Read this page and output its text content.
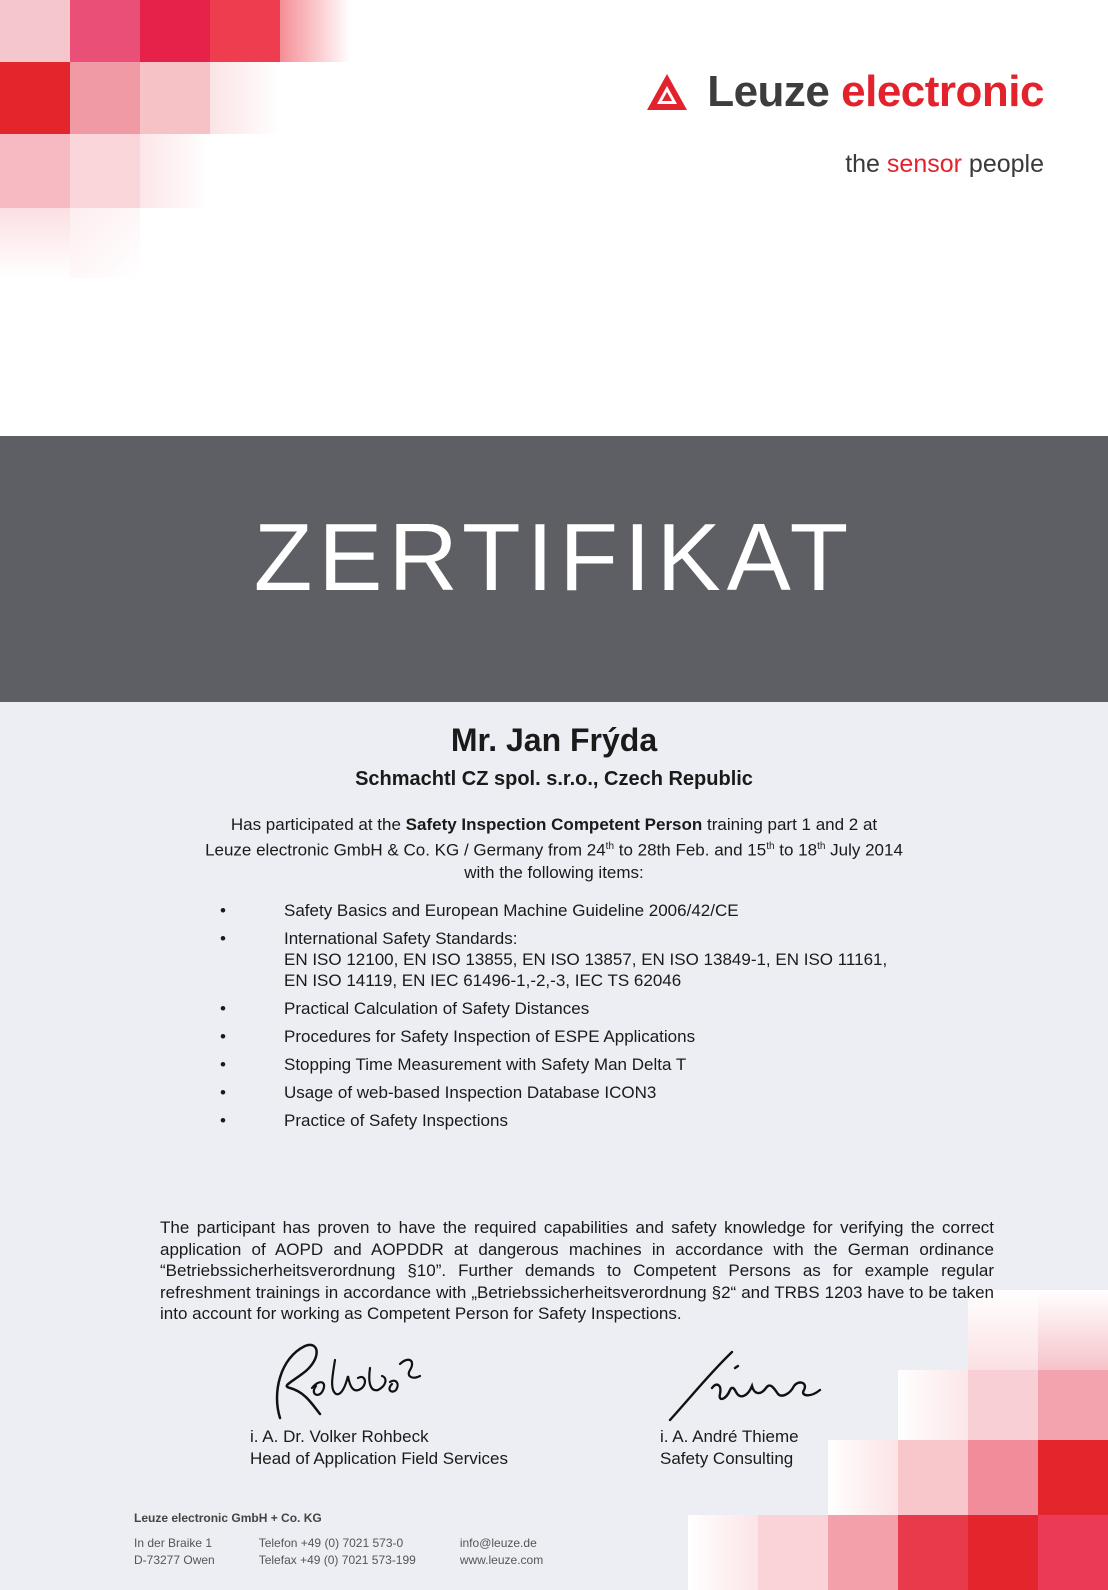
Leuze electronic
the sensor people
ZERTIFIKAT
Mr. Jan Frýda
Schmachtl CZ spol. s.r.o., Czech Republic
Has participated at the Safety Inspection Competent Person training part 1 and 2 at
Leuze electronic GmbH & Co. KG / Germany from 24th to 28th Feb. and 15th to 18th July 2014
with the following items:
• Safety Basics and European Machine Guideline 2006/42/CE
• International Safety Standards:
EN ISO 12100, EN ISO 13855, EN ISO 13857, EN ISO 13849-1, EN ISO 11161,
EN ISO 14119, EN IEC 61496-1,-2,-3, IEC TS 62046
• Practical Calculation of Safety Distances
• Procedures for Safety Inspection of ESPE Applications
• Stopping Time Measurement with Safety Man Delta T
• Usage of web-based Inspection Database ICON3
• Practice of Safety Inspections
The participant has proven to have the required capabilities and safety knowledge for verifying the correct application of AOPD and AOPDDR at dangerous machines in accordance with the German ordinance “Betriebssicherheitsverordnung §10”. Further demands to Competent Persons as for example regular refreshment trainings in accordance with „Betriebssicherheitsverordnung §2“ and TRBS 1203 have to be taken into account for working as Competent Person for Safety Inspections.
i. A. Dr. Volker Rohbeck
Head of Application Field Services
i. A. André Thieme
Safety Consulting
Leuze electronic GmbH + Co. KG
In der Braike 1
D-73277 Owen
Telefon +49 (0) 7021 573-0
Telefax +49 (0) 7021 573-199
info@leuze.de
www.leuze.com
